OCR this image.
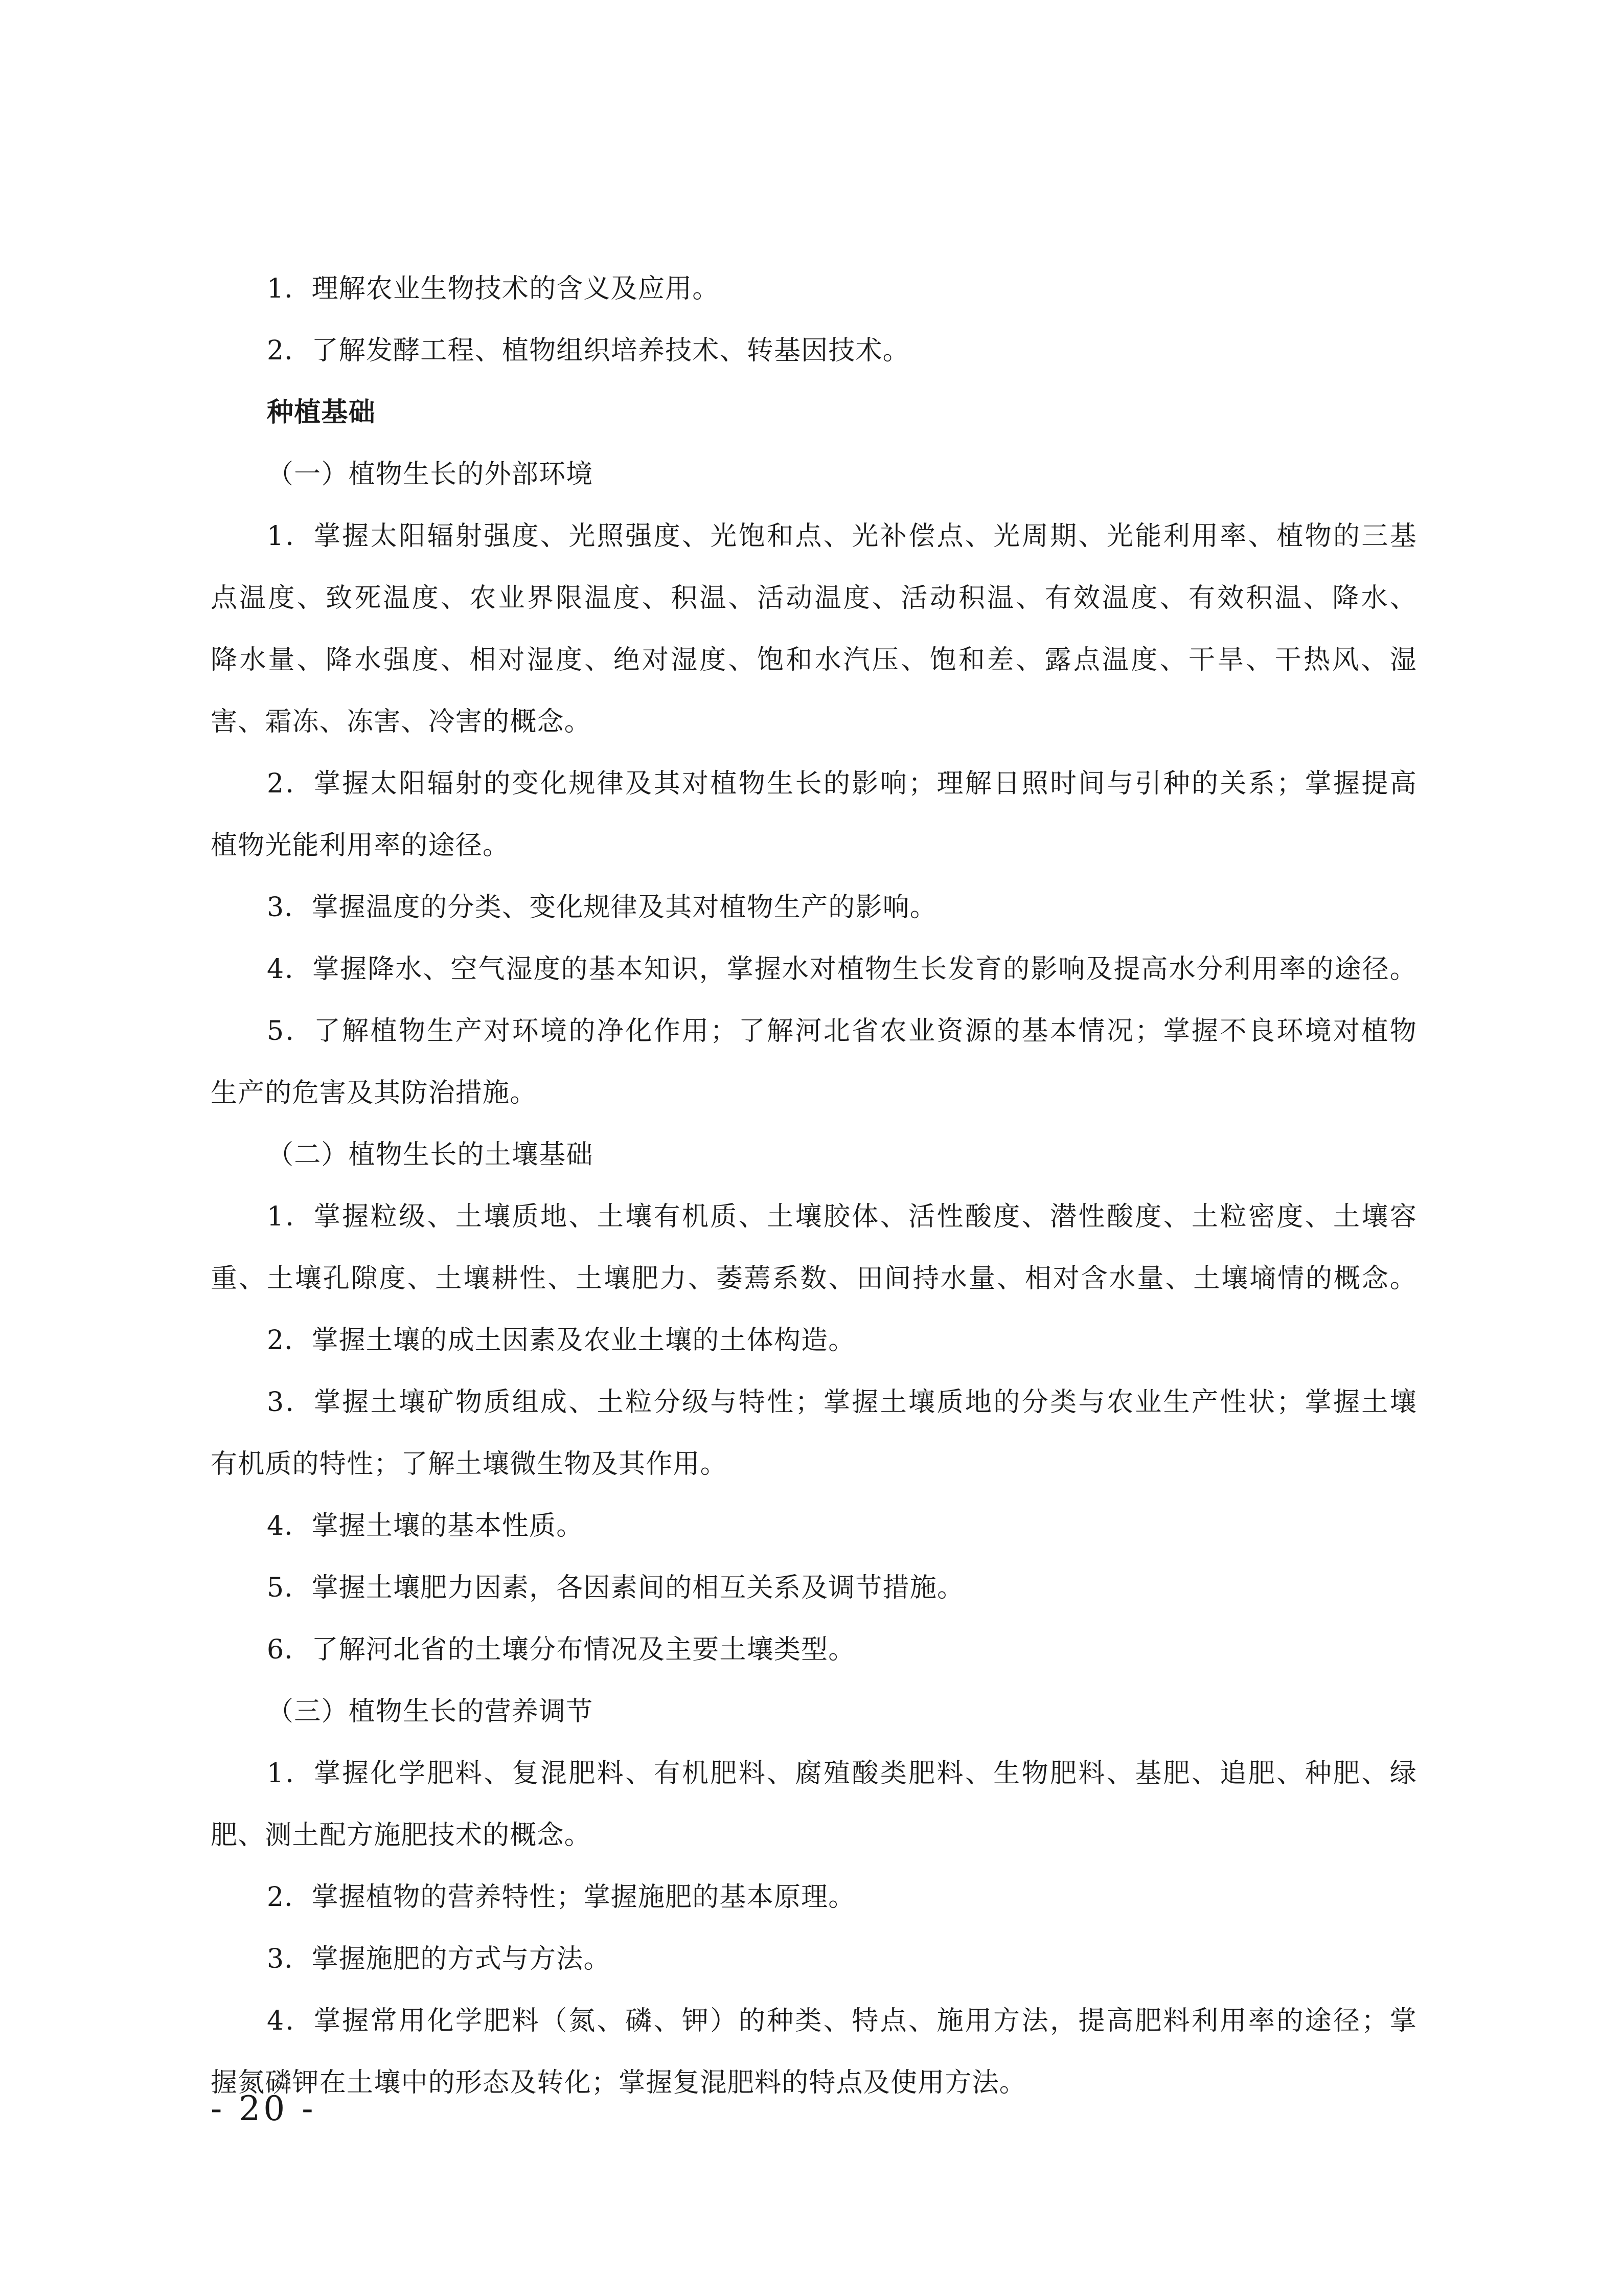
1．理解农业生物技术的含义及应用。
2．了解发酵工程、植物组织培养技术、转基因技术。
种植基础
（一）植物生长的外部环境
1．掌握太阳辐射强度、光照强度、光饱和点、光补偿点、光周期、光能利用率、植物的三基
点温度、致死温度、农业界限温度、积温、活动温度、活动积温、有效温度、有效积温、降水、
降水量、降水强度、相对湿度、绝对湿度、饱和水汽压、饱和差、露点温度、干旱、干热风、湿
害、霜冻、冻害、冷害的概念。
2．掌握太阳辐射的变化规律及其对植物生长的影响；理解日照时间与引种的关系；掌握提高
植物光能利用率的途径。
3．掌握温度的分类、变化规律及其对植物生产的影响。
4．掌握降水、空气湿度的基本知识，掌握水对植物生长发育的影响及提高水分利用率的途径。
5．了解植物生产对环境的净化作用；了解河北省农业资源的基本情况；掌握不良环境对植物
生产的危害及其防治措施。
（二）植物生长的土壤基础
1．掌握粒级、土壤质地、土壤有机质、土壤胶体、活性酸度、潜性酸度、土粒密度、土壤容
重、土壤孔隙度、土壤耕性、土壤肥力、萎蔫系数、田间持水量、相对含水量、土壤墒情的概念。
2．掌握土壤的成土因素及农业土壤的土体构造。
3．掌握土壤矿物质组成、土粒分级与特性；掌握土壤质地的分类与农业生产性状；掌握土壤
有机质的特性；了解土壤微生物及其作用。
4．掌握土壤的基本性质。
5．掌握土壤肥力因素，各因素间的相互关系及调节措施。
6．了解河北省的土壤分布情况及主要土壤类型。
（三）植物生长的营养调节
1．掌握化学肥料、复混肥料、有机肥料、腐殖酸类肥料、生物肥料、基肥、追肥、种肥、绿
肥、测土配方施肥技术的概念。
2．掌握植物的营养特性；掌握施肥的基本原理。
3．掌握施肥的方式与方法。
4．掌握常用化学肥料（氮、磷、钾）的种类、特点、施用方法，提高肥料利用率的途径；掌
握氮磷钾在土壤中的形态及转化；掌握复混肥料的特点及使用方法。
- 20 -
